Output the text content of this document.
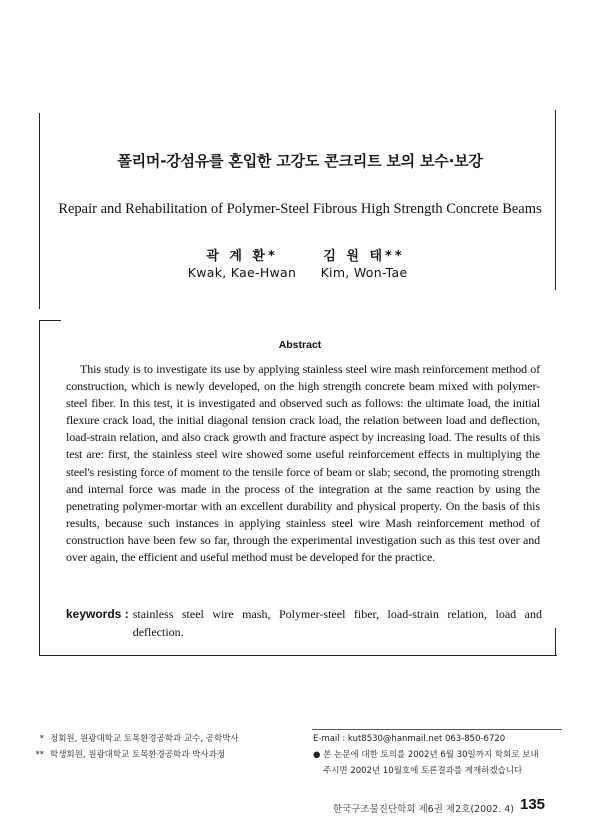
폴리머-강섬유를 혼입한 고강도 콘크리트 보의 보수·보강
Repair and Rehabilitation of Polymer-Steel Fibrous High Strength Concrete Beams
곽 계 환*
Kwak, Kae-Hwan
김 원 태**
Kim, Won-Tae
Abstract

This study is to investigate its use by applying stainless steel wire mash reinforcement method of construction, which is newly developed, on the high strength concrete beam mixed with polymer-steel fiber. In this test, it is investigated and observed such as follows: the ultimate load, the initial flexure crack load, the initial diagonal tension crack load, the relation between load and deflection, load-strain relation, and also crack growth and fracture aspect by increasing load. The results of this test are: first, the stainless steel wire showed some useful reinforcement effects in multiplying the steel's resisting force of moment to the tensile force of beam or slab; second, the promoting strength and internal force was made in the process of the integration at the same reaction by using the penetrating polymer-mortar with an excellent durability and physical property. On the basis of this results, because such instances in applying stainless steel wire Mash reinforcement method of construction have been few so far, through the experimental investigation such as this test over and over again, the efficient and useful method must be developed for the practice.

keywords : stainless steel wire mash, Polymer-steel fiber, load-strain relation, load and deflection.
* 정회원, 원광대학교 토목환경공학과 교수, 공학박사
** 학생회원, 원광대학교 토목환경공학과 박사과정
E-mail : kut8530@hanmail.net 063-850-6720
● 본 논문에 대한 토의를 2002년 6월 30일까지 학회로 보내
주시면 2002년 10월호에 토론결과를 게재하겠습니다
한국구조물진단학회 제6권 제2호(2002. 4) 135
